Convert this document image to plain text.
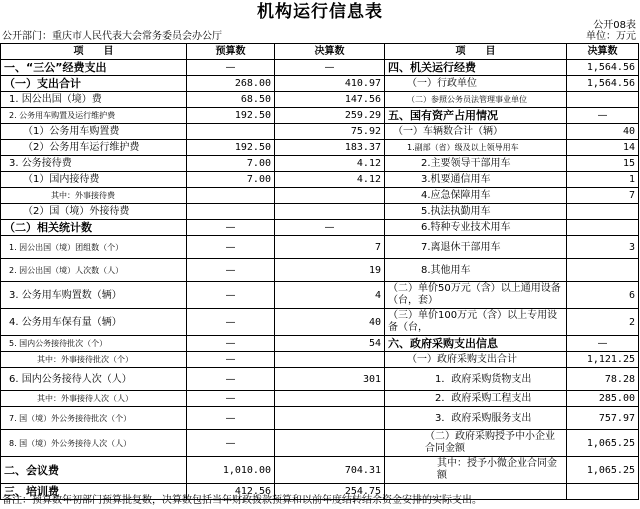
机构运行信息表
公开08表
公开部门：重庆市人民代表大会常务委员会办公厅	单位：万元
项　　目	预算数	决算数	项　　目	决算数
一、“三公”经费支出	—	—	四、机关运行经费	1,564.56
（一）支出合计	268.00	410.97	（一）行政单位	1,564.56
1. 因公出国（境）费	68.50	147.56	（二）参照公务员法管理事业单位	
2. 公务用车购置及运行维护费	192.50	259.29	五、国有资产占用情况	—
（1）公务用车购置费		75.92	（一）车辆数合计（辆）	40
（2）公务用车运行维护费	192.50	183.37	1.副部（省）级及以上领导用车	14
3. 公务接待费	7.00	4.12	2.主要领导干部用车	15
（1）国内接待费	7.00	4.12	3.机要通信用车	1
其中：外事接待费			4.应急保障用车	7
（2）国（境）外接待费			5.执法执勤用车	
（二）相关统计数	—	—	6.特种专业技术用车	
1. 因公出国（境）团组数（个）	—	7	7.离退休干部用车	3
2. 因公出国（境）人次数（人）	—	19	8.其他用车	
3. 公务用车购置数（辆）	—	4	（二）单价50万元（含）以上通用设备（台，套）	6
4. 公务用车保有量（辆）	—	40	（三）单价100万元（含）以上专用设备（台，	2
5. 国内公务接待批次（个）	—	54	六、政府采购支出信息	—
其中：外事接待批次（个）	—		（一）政府采购支出合计	1,121.25
6. 国内公务接待人次（人）	—	301	1．政府采购货物支出	78.28
其中：外事接待人次（人）	—		2．政府采购工程支出	285.00
7. 国（境）外公务接待批次（个）	—		3．政府采购服务支出	757.97
8. 国（境）外公务接待人次（人）	—		（二）政府采购授予中小企业合同金额	1,065.25
二、会议费	1,010.00	704.31	其中：授予小微企业合同金额	1,065.25
三、培训费	412.56	254.75		
备注：预算数年初部门预算批复数，决算数包括当年财政拨款预算和以前年度结转结余资金安排的实际支出。
